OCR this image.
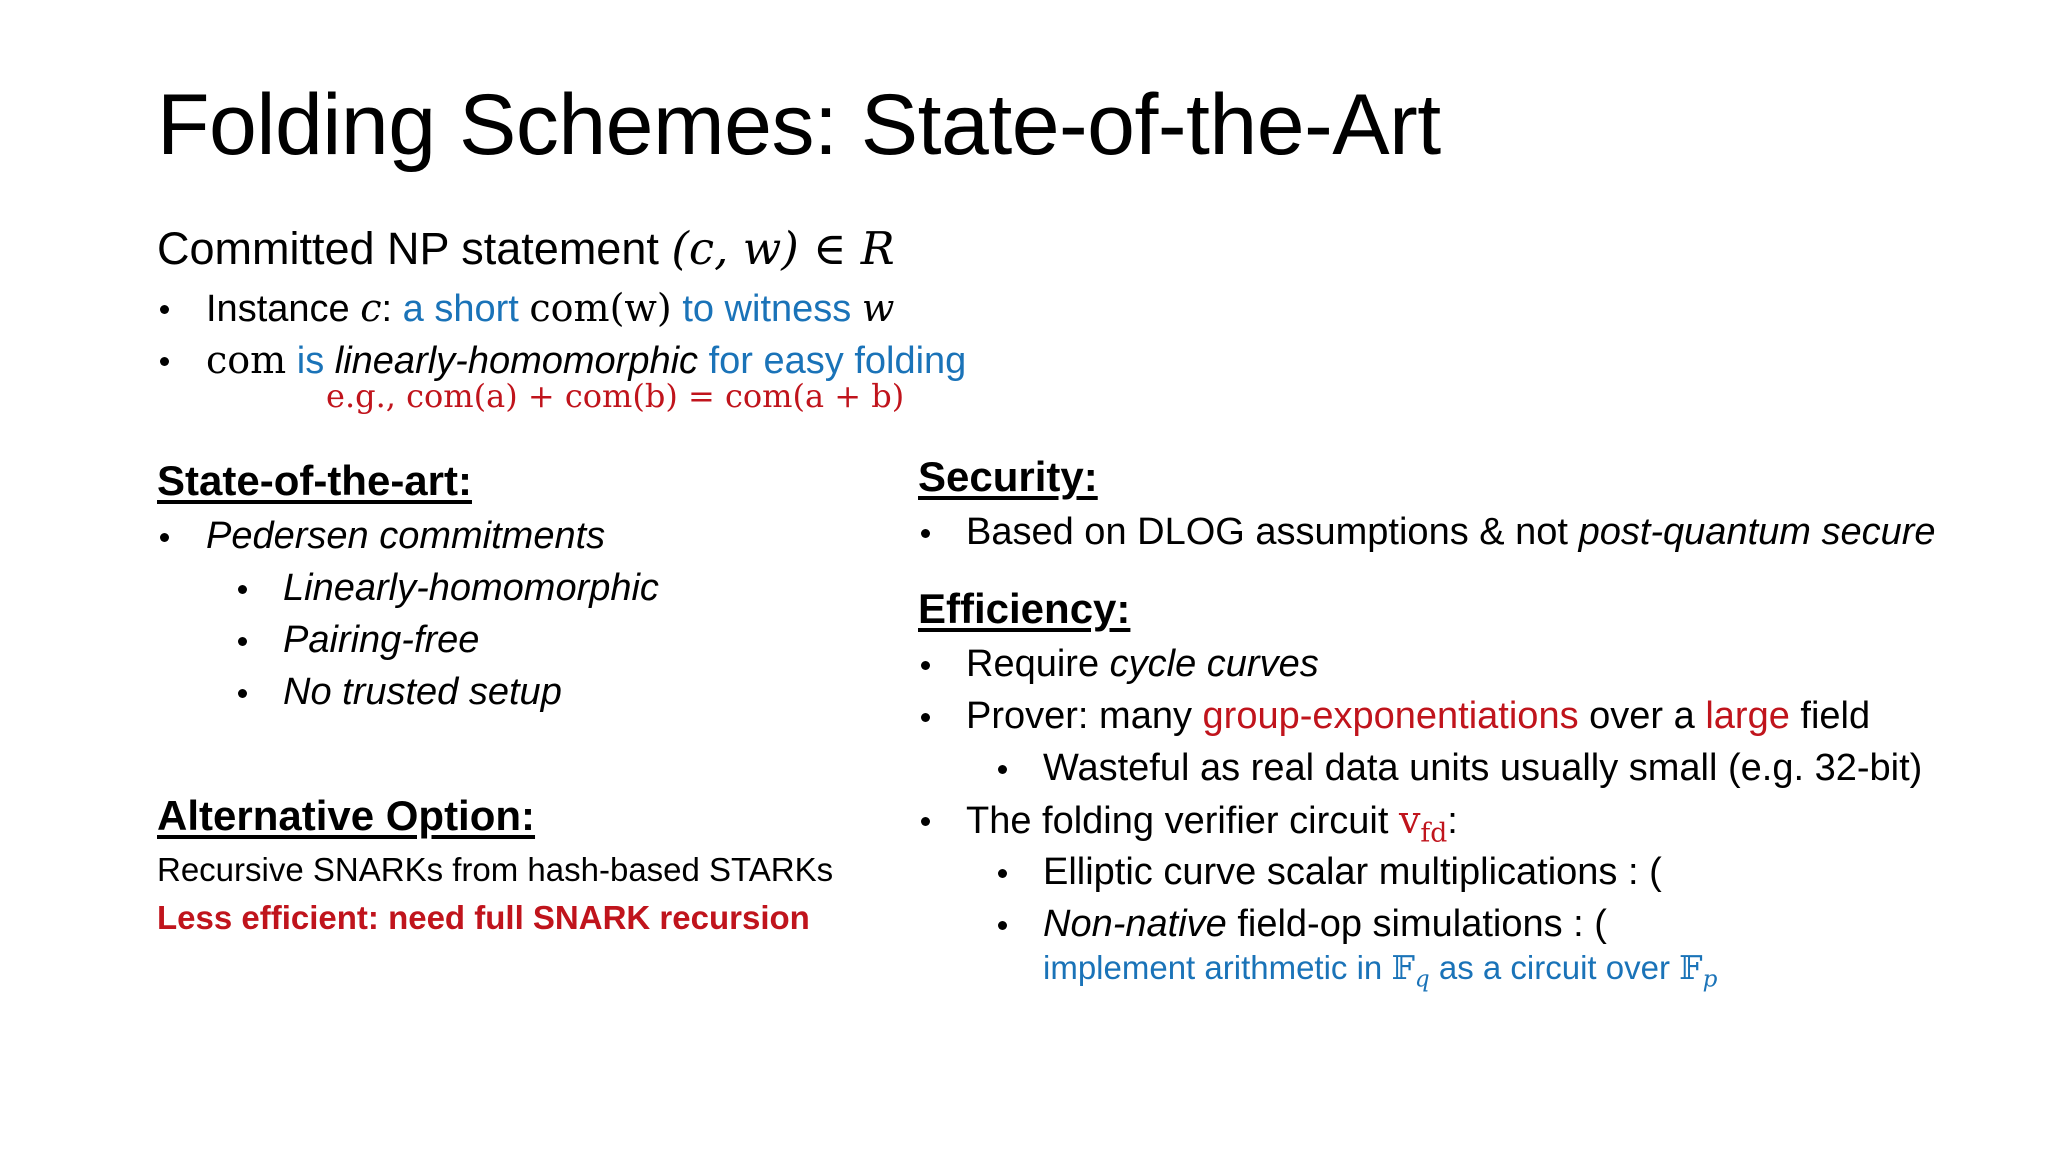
Folding Schemes: State-of-the-Art
Committed NP statement (c, w) ∈ R
Instance c: a short com(w) to witness w
com is linearly-homomorphic for easy folding
e.g., com(a) + com(b) = com(a + b)
State-of-the-art:
Pedersen commitments
Linearly-homomorphic
Pairing-free
No trusted setup
Alternative Option:
Recursive SNARKs from hash-based STARKs
Less efficient: need full SNARK recursion
Security:
Based on DLOG assumptions & not post-quantum secure
Efficiency:
Require cycle curves
Prover: many group-exponentiations over a large field
Wasteful as real data units usually small (e.g. 32-bit)
The folding verifier circuit $v_{fd}$:
Elliptic curve scalar multiplications : (
Non-native field-op simulations : (
implement arithmetic in 𝔽$_q$ as a circuit over 𝔽$_p$
